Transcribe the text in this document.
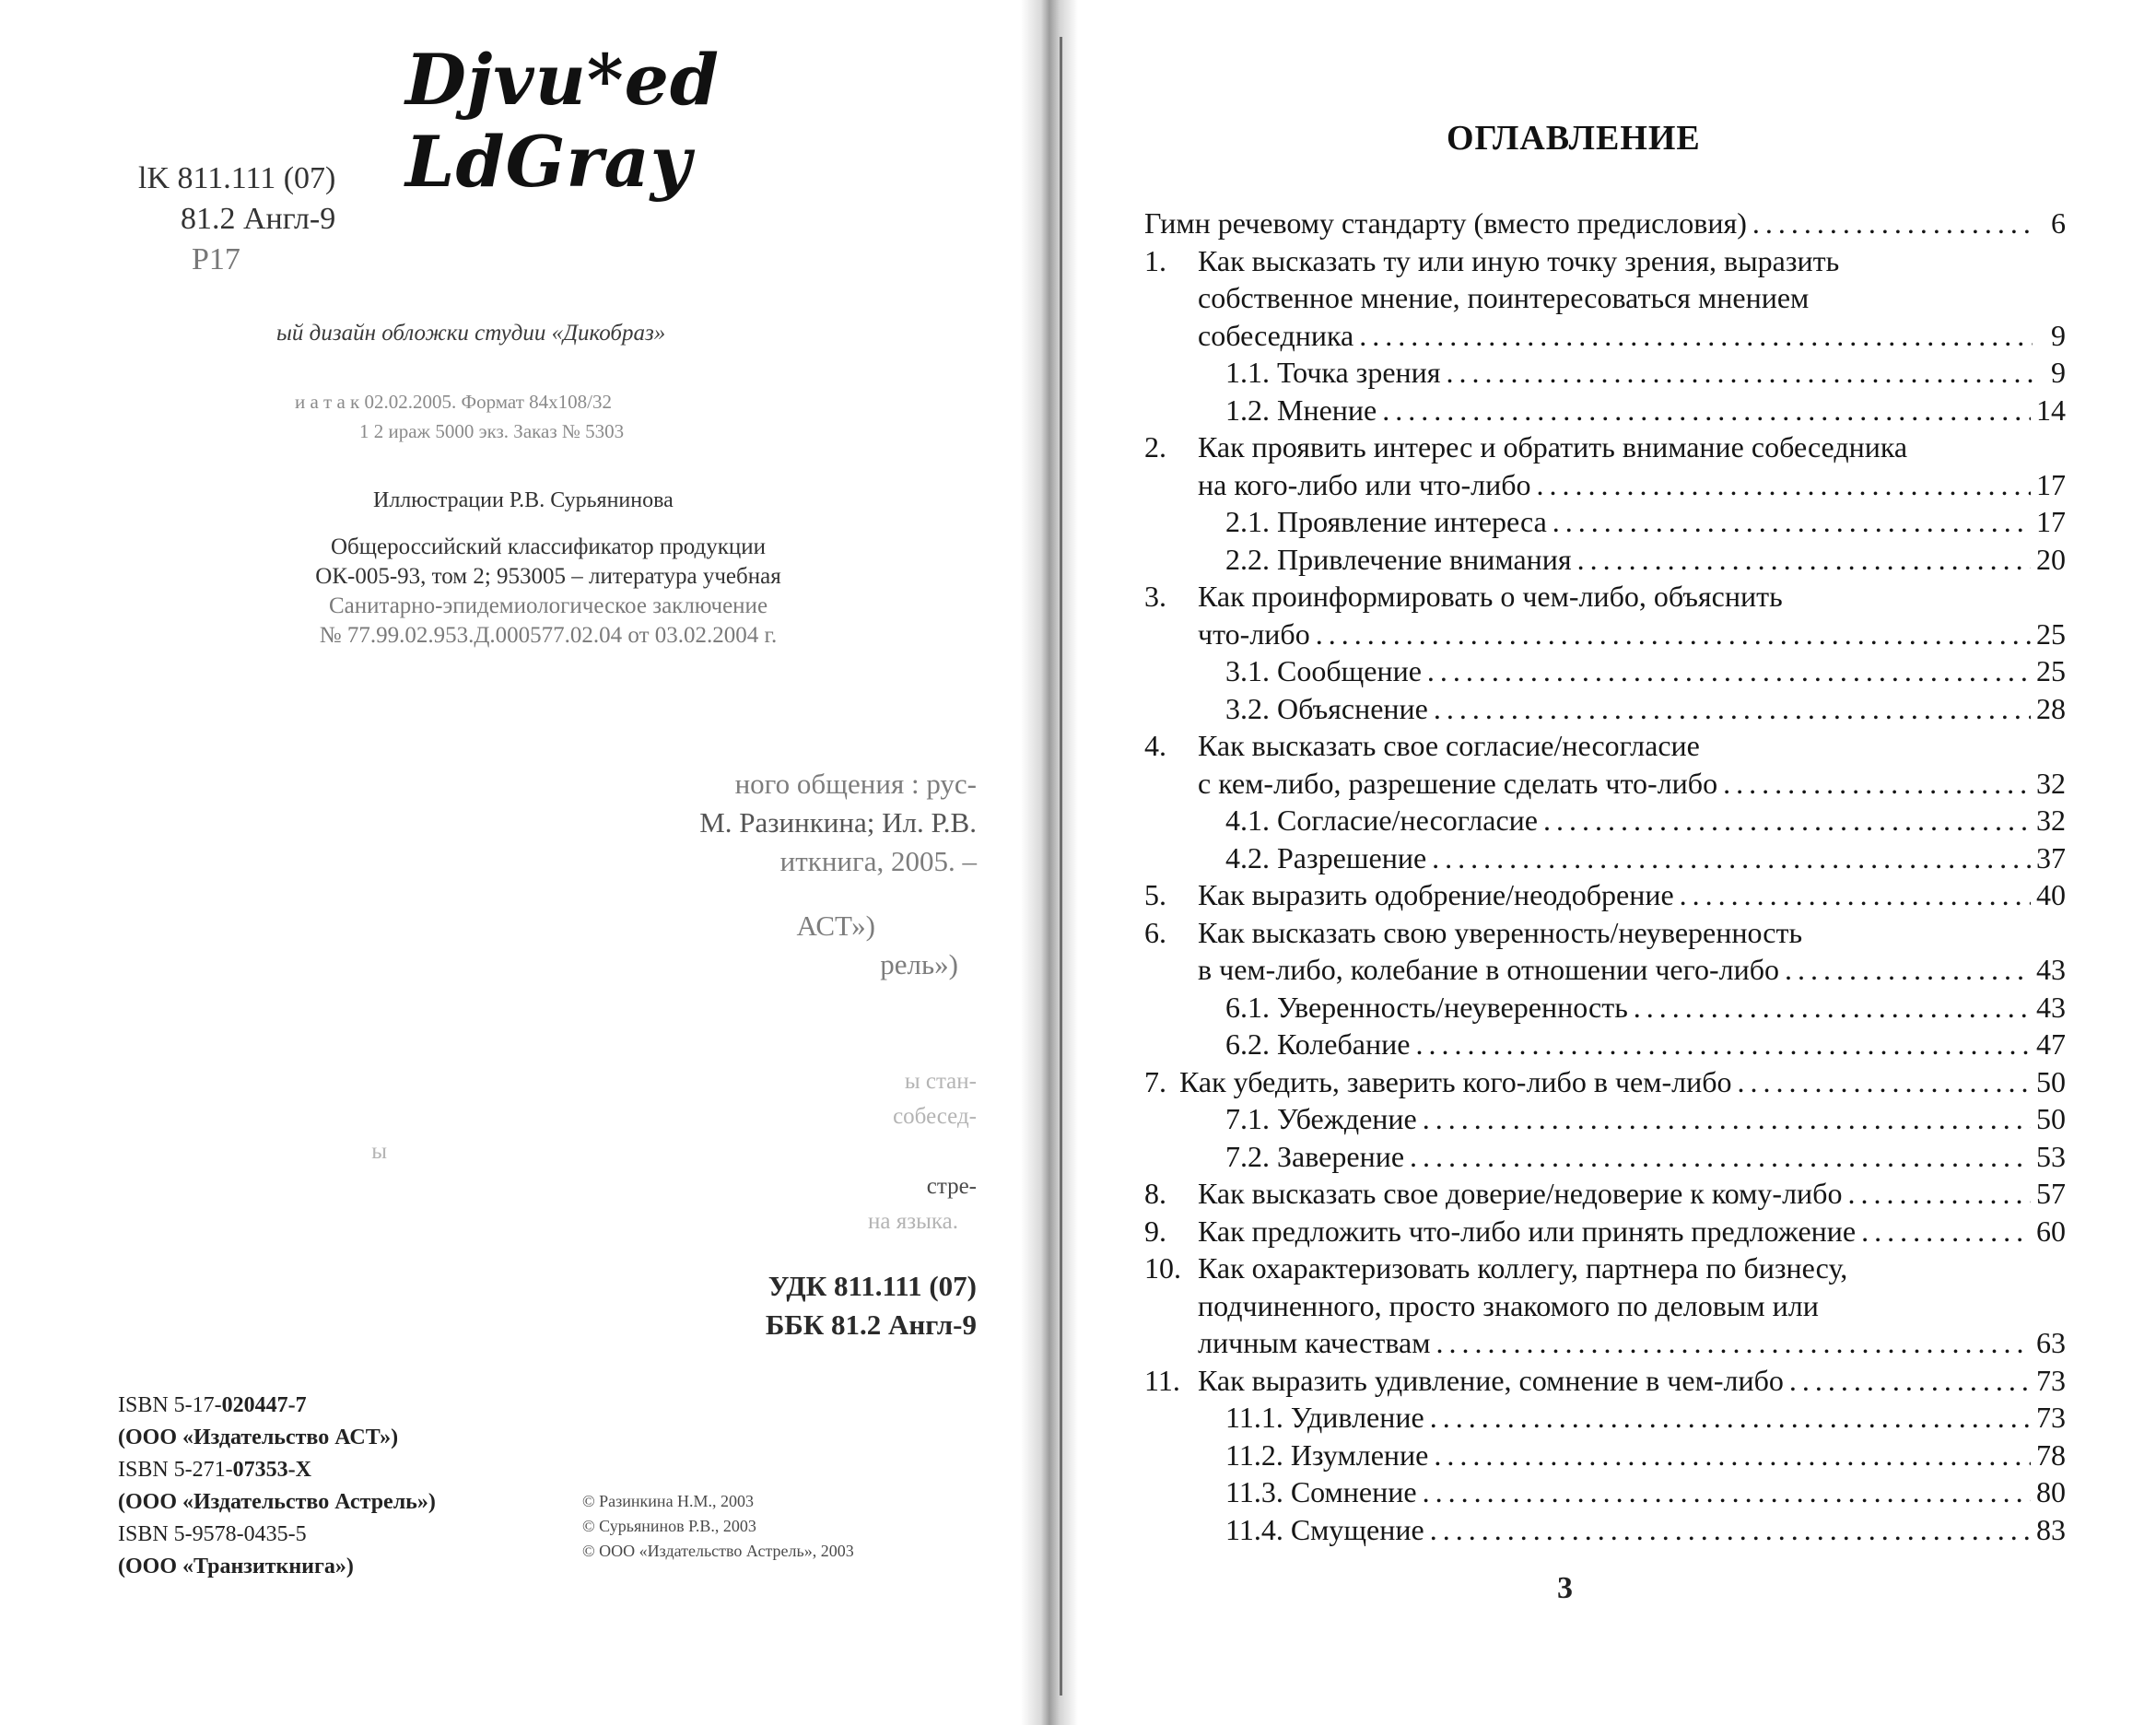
Djvu*ed LdGray
lK 811.111 (07)
81.2 Англ-9
P17
ый дизайн обложки студии «Дикобраз»
и а т а к 02.02.2005. Формат 84x108/32
1 2 ираж 5000 экз. Заказ № 5303
Иллюстрации Р.В. Сурьянинова
Общероссийский классификатор продукции
ОК-005-93, том 2; 953005 – литература учебная
Санитарно-эпидемиологическое заключение
№ 77.99.02.953.Д.000577.02.04 от 03.02.2004 г.
ного общения : рус-
М. Разинкина; Ил. Р.В.
иткнига, 2005. –
АСТ»)
рель»)
ы стан-
собесед-
ы
стре-
на языка.
УДК 811.111 (07)
ББК 81.2 Англ-9
ISBN 5-17-020447-7
(ООО «Издательство АСТ»)
ISBN 5-271-07353-X
(ООО «Издательство Астрель»)
ISBN 5-9578-0435-5
(ООО «Транзиткнига»)
© Разинкина Н.М., 2003
© Сурьянинов Р.В., 2003
© ООО «Издательство Астрель», 2003
ОГЛАВЛЕНИЕ
Гимн речевому стандарту (вместо предисловия) . . .	6
1. Как высказать ту или иную точку зрения, выразить
собственное мнение, поинтересоваться мнением
собеседника . . .	9
1.1. Точка зрения . . .	9
1.2. Мнение . . .	14
2. Как проявить интерес и обратить внимание собеседника
на кого-либо или что-либо . . .	17
2.1. Проявление интереса . . .	17
2.2. Привлечение внимания . . .	20
3. Как проинформировать о чем-либо, объяснить
что-либо . . .	25
3.1. Сообщение . . .	25
3.2. Объяснение . . .	28
4. Как высказать свое согласие/несогласие
с кем-либо, разрешение сделать что-либо . . .	32
4.1. Согласие/несогласие . . .	32
4.2. Разрешение . . .	37
5. Как выразить одобрение/неодобрение . . .	40
6. Как высказать свою уверенность/неуверенность
в чем-либо, колебание в отношении чего-либо . . .	43
6.1. Уверенность/неуверенность . . .	43
6.2. Колебание . . .	47
7. Как убедить, заверить кого-либо в чем-либо . . .	50
7.1. Убеждение . . .	50
7.2. Заверение . . .	53
8. Как высказать свое доверие/недоверие к кому-либо . . .	57
9. Как предложить что-либо или принять предложение . . .	60
10. Как охарактеризовать коллегу, партнера по бизнесу,
подчиненного, просто знакомого по деловым или
личным качествам . . .	63
11. Как выразить удивление, сомнение в чем-либо . . .	73
11.1. Удивление . . .	73
11.2. Изумление . . .	78
11.3. Сомнение . . .	80
11.4. Смущение . . .	83
3
